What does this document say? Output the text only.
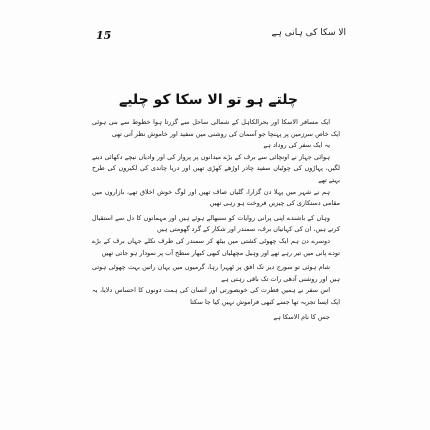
15	الا سکا کی ہانی ہے
چلتے ہو تو الا سکا کو چلیے

ایک مسافر الاسکا اور بحرالکاہل کے شمالی ساحل سے گزرتا ہوا خطوط سے بنی ہوئی ایک خاص سرزمین پر پہنچا جو آسمان کی روشنی میں سفید اور خاموش نظر آتی تھی

یہ ایک سفر کی روداد ہے

ہوائی جہاز نے اونچائی سے برف کے بڑے میدانوں پر پرواز کی اور وادیاں نیچے دکھائی دینے لگیں، پہاڑوں کی چوٹیاں سفید چادر اوڑھے کھڑی تھیں اور دریا چاندی کی لکیروں کی طرح بہتے تھے

ہم نے شہر میں پہلا دن گزارا، گلیاں صاف تھیں اور لوگ خوش اخلاق تھے، بازاروں میں مقامی دستکاری کی چیزیں فروخت ہو رہی تھیں

وہاں کے باشندے اپنی پرانی روایات کو سنبھالے ہوئے ہیں اور مہمانوں کا دل سے استقبال کرتے ہیں، ان کی کہانیاں برف، سمندر اور شکار کے گرد گھومتی ہیں

دوسرے دن ہم ایک چھوٹی کشتی میں بیٹھ کر سمندر کی طرف نکلے جہاں برف کے بڑے تودے پانی میں تیر رہے تھے اور وہیل مچھلیاں کبھی کبھار سطح آب پر نمودار ہو جاتی تھیں

شام ہوئی تو سورج دیر تک افق پر ٹھہرا رہا، گرمیوں میں یہاں راتیں بہت چھوٹی ہوتی ہیں اور روشنی آدھی رات تک باقی رہتی ہے

اس سفر نے ہمیں فطرت کی خوبصورتی اور انسان کی ہمت دونوں کا احساس دلایا، یہ ایک ایسا تجربہ تھا جسے کبھی فراموش نہیں کیا جا سکتا

جس کا نام الاسکا ہے
